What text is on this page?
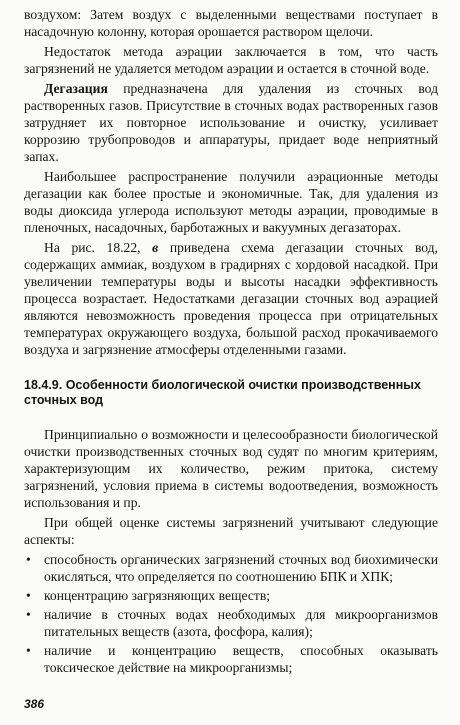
воздухом: Затем воздух с выделенными веществами поступает в насадочную колонну, которая орошается раствором щелочи.

Недостаток метода аэрации заключается в том, что часть загрязнений не удаляется методом аэрации и остается в сточной воде.

Дегазация предназначена для удаления из сточных вод растворенных газов. Присутствие в сточных водах растворенных газов затрудняет их повторное использование и очистку, усиливает коррозию трубопроводов и аппаратуры, придает воде неприятный запах.

Наибольшее распространение получили аэрационные методы дегазации как более простые и экономичные. Так, для удаления из воды диоксида углерода используют методы аэрации, проводимые в пленочных, насадочных, барботажных и вакуумных дегазаторах.

На рис. 18.22, в приведена схема дегазации сточных вод, содержащих аммиак, воздухом в градирнях с хордовой насадкой. При увеличении температуры воды и высоты насадки эффективность процесса возрастает. Недостатками дегазации сточных вод аэрацией являются невозможность проведения процесса при отрицательных температурах окружающего воздуха, большой расход прокачиваемого воздуха и загрязнение атмосферы отделенными газами.

18.4.9. Особенности биологической очистки производственных сточных вод

Принципиально о возможности и целесообразности биологической очистки производственных сточных вод судят по многим критериям, характеризующим их количество, режим притока, систему загрязнений, условия приема в системы водоотведения, возможность использования и пр.

При общей оценке системы загрязнений учитывают следующие аспекты:

• способность органических загрязнений сточных вод биохимически окисляться, что определяется по соотношению БПК и ХПК;
• концентрацию загрязняющих веществ;
• наличие в сточных водах необходимых для микроорганизмов питательных веществ (азота, фосфора, калия);
• наличие и концентрацию веществ, способных оказывать токсическое действие на микроорганизмы;
386
